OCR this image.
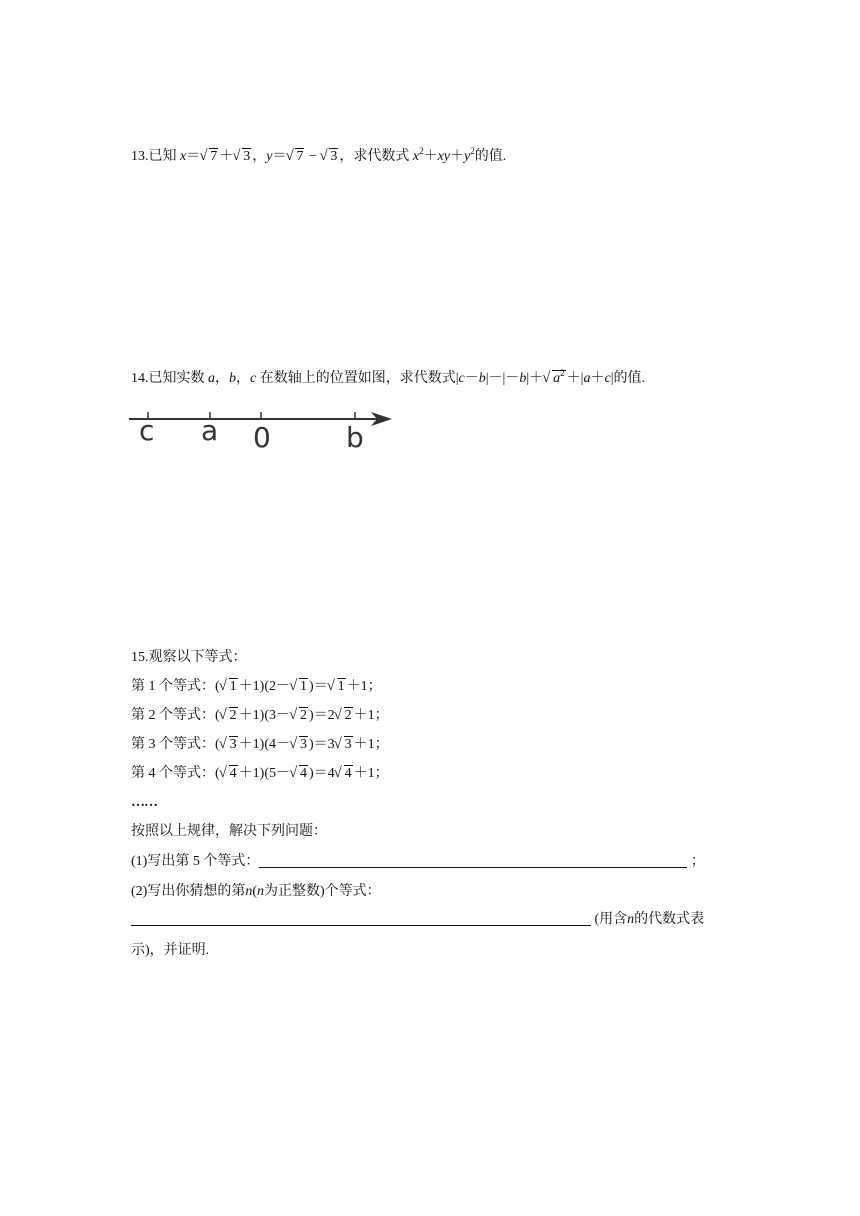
13.已知 x＝ √ 7 ＋ √ 3 ，y＝ √ 7 − √ 3 ，求代数式 $x^2+xy+y^2$的值.
14.已知实数 a，b，c 在数轴上的位置如图，求代数式|c－b|－|－b|＋ √ $a^2 +|a+c|$的值.
c a 0	b
15.观察以下等式：
第 1 个等式：( √ 1 ＋1)(2－ √ 1 )＝ √ 1 ＋1；
第 2 个等式：( √ 2 ＋1)(3－ √ 2 )＝2 √ 2 ＋1；
第 3 个等式：( √ 3 ＋1)(4－ √ 3 )＝3 √ 3 ＋1；
第 4 个等式：( √ 4 ＋1)(5－ √ 4 )＝4 √ 4 ＋1；
……
按照以上规律，解决下列问题：
(1)写出第 5 个等式：	；
(2)写出你猜想的第n(n为正整数)个等式：
(用含n的代数式表
示)，并证明.
